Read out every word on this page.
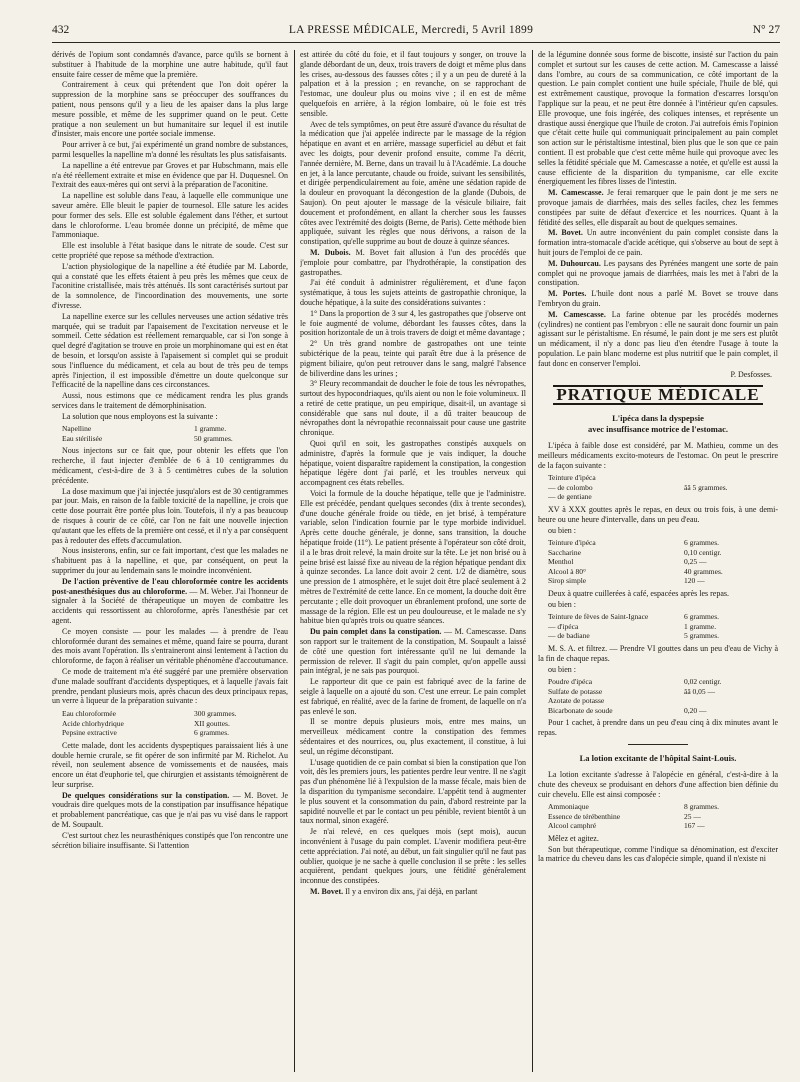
432	LA PRESSE MÉDICALE, Mercredi, 5 Avril 1899	N° 27

dérivés de l'opium sont condamnés d'avance, parce qu'ils se bornent à substituer à l'habitude de la morphine une autre habitude, qu'il faut ensuite faire cesser de même que la première.

Contrairement à ceux qui prétendent que l'on doit opérer la suppression de la morphine sans se préoccuper des souffrances du patient, nous pensons qu'il y a lieu de les apaiser dans la plus large mesure possible, et même de les supprimer quand on le peut. Cette pratique a non seulement un but humanitaire sur lequel il est inutile d'insister, mais encore une portée sociale immense.

Pour arriver à ce but, j'ai expérimenté un grand nombre de substances, parmi lesquelles la napelline m'a donné les résultats les plus satisfaisants.

La napelline a été entrevue par Groves et par Hubschmann, mais elle n'a été réellement extraite et mise en évidence que par H. Duquesnel. On l'extrait des eaux-mères qui ont servi à la préparation de l'aconitine.

La napelline est soluble dans l'eau, à laquelle elle communique une saveur amère. Elle bleuit le papier de tournesol. Elle sature les acides pour former des sels. Elle est soluble également dans l'éther, et surtout dans le chloroforme. L'eau bromée donne un précipité, de même que l'ammoniaque.

Elle est insoluble à l'état basique dans le nitrate de soude. C'est sur cette propriété que repose sa méthode d'extraction.

L'action physiologique de la napelline a été étudiée par M. Laborde, qui a constaté que les effets étaient à peu près les mêmes que ceux de l'aconitine cristallisée, mais très atténués. Ils sont caractérisés surtout par de la somnolence, de l'incoordination des mouvements, une sorte d'ivresse.

La napelline exerce sur les cellules nerveuses une action sédative très marquée, qui se traduit par l'apaisement de l'excitation nerveuse et le sommeil. Cette sédation est réellement remarquable, car si l'on songe à quel degré d'agitation se trouve en proie un morphinomane qui est en état de besoin, et lorsqu'on assiste à l'apaisement si complet qui se produit sous l'influence du médicament, et cela au bout de très peu de temps après l'injection, il est impossible d'émettre un doute quelconque sur l'efficacité de la napelline dans ces circonstances.

Aussi, nous estimons que ce médicament rendra les plus grands services dans le traitement de démorphinisation.

La solution que nous employons est la suivante :

Napelline	1 gramme.
Eau stérilisée	50 grammes.

Nous injectons sur ce fait que, pour obtenir les effets que l'on recherche, il faut injecter d'emblée de 6 à 10 centigrammes du médicament, c'est-à-dire de 3 à 5 centimètres cubes de la solution précédente.

La dose maximum que j'ai injectée jusqu'alors est de 30 centigrammes par jour. Mais, en raison de la faible toxicité de la napelline, je crois que cette dose pourrait être portée plus loin. Toutefois, il n'y a pas beaucoup de risques à courir de ce côté, car l'on ne fait une nouvelle injection qu'autant que les effets de la première ont cessé, et il n'y a par conséquent pas à redouter des effets d'accumulation.

Nous insisterons, enfin, sur ce fait important, c'est que les malades ne s'habituent pas à la napelline, et que, par conséquent, on peut la supprimer du jour au lendemain sans le moindre inconvénient.

De l'action préventive de l'eau chloroformée contre les accidents post-anesthésiques dus au chloroforme. — M. Weber. J'ai l'honneur de signaler à la Société de thérapeutique un moyen de combattre les accidents qui ressortissent au chloroforme, après l'anesthésie par cet agent.

Ce moyen consiste — pour les malades — à prendre de l'eau chloroformée durant des semaines et même, quand faire se pourra, durant des mois avant l'opération. Ils s'entraineront ainsi lentement à l'action du chloroforme, de façon à réaliser un véritable phénomène d'accoutumance.

Ce mode de traitement m'a été suggéré par une première observation d'une malade souffrant d'accidents dyspeptiques, et à laquelle j'avais fait prendre, pendant plusieurs mois, après chacun des deux principaux repas, un verre à liqueur de la préparation suivante :

Eau chloroformée	300 grammes.
Acide chlorhydrique	XII gouttes.
Pepsine extractive	6 grammes.

Cette malade, dont les accidents dyspeptiques paraissaient liés à une double hernie crurale, se fit opérer de son infirmité par M. Richelot. Au réveil, non seulement absence de vomissements et de nausées, mais encore un état d'euphorie tel, que chirurgien et assistants témoignèrent de leur surprise.

De quelques considérations sur la constipation. — M. Bovet. Je voudrais dire quelques mots de la constipation par insuffisance hépatique et probablement pancréatique, cas que je n'ai pas vu visé dans le rapport de M. Soupault.

C'est surtout chez les neurasthéniques constipés que l'on rencontre une sécrétion biliaire insuffisante. Si l'attention

est attirée du côté du foie, et il faut toujours y songer, on trouve la glande débordant de un, deux, trois travers de doigt et même plus dans les crises, au-dessous des fausses côtes ; il y a un peu de dureté à la palpation et à la pression ; en revanche, on se rapprochant de l'estomac, une douleur plus ou moins vive ; il en est de même quelquefois en arrière, à la région lombaire, où le foie est très sensible.

Avec de tels symptômes, on peut être assuré d'avance du résultat de la médication que j'ai appelée indirecte par le massage de la région hépatique en avant et en arrière, massage superficiel au début et fait avec les doigts, pour devenir profond ensuite, comme l'a décrit, l'année dernière, M. Berne, dans un travail lu à l'Académie. La douche en jet, à la lance percutante, chaude ou froide, suivant les sensibilités, et dirigée perpendiculairement au foie, amène une sédation rapide de la douleur en provoquant la décongestion de la glande (Dubois, de Saujon). On peut ajouter le massage de la vésicule biliaire, fait doucement et profondément, en allant la chercher sous les fausses côtes avec l'extrémité des doigts (Berne, de Paris). Cette méthode bien appliquée, suivant les règles que nous dérivons, a raison de la constipation, qu'elle supprime au bout de douze à quinze séances.

M. Dubois. M. Bovet fait allusion à l'un des procédés que j'emploie pour combattre, par l'hydrothérapie, la constipation des gastropathes.

J'ai été conduit à administrer régulièrement, et d'une façon systématique, à tous les sujets atteints de gastropathie chronique, la douche hépatique, à la suite des considérations suivantes :

1° Dans la proportion de 3 sur 4, les gastropathes que j'observe ont le foie augmenté de volume, débordant les fausses côtes, dans la position horizontale de un à trois travers de doigt et même davantage ;

2° Un très grand nombre de gastropathes ont une teinte subictérique de la peau, teinte qui paraît être due à la présence de pigment biliaire, qu'on peut retrouver dans le sang, malgré l'absence de biliverdine dans les urines ;

3° Fleury recommandait de doucher le foie de tous les névropathes, surtout des hypocondriaques, qu'ils aient ou non le foie volumineux. Il a retiré de cette pratique, un peu empirique, disait-il, un avantage si considérable que sans nul doute, il a dû traiter beaucoup de névropathes dont la névropathie reconnaissait pour cause une gastrite chronique.

Quoi qu'il en soit, les gastropathes constipés auxquels on administre, d'après la formule que je vais indiquer, la douche hépatique, voient disparaître rapidement la constipation, la congestion hépatique légère dont j'ai parlé, et les troubles nerveux qui accompagnent ces états rebelles.

Voici la formule de la douche hépatique, telle que je l'administre. Elle est précédée, pendant quelques secondes (dix à trente secondes), d'une douche générale froide ou tiède, en jet brisé, à température variable, selon l'indication fournie par le type morbide individuel. Après cette douche générale, je donne, sans transition, la douche hépatique froide (11°). Le patient présente à l'opérateur son côté droit, il a le bras droit relevé, la main droite sur la tête. Le jet non brisé ou à peine brisé est laissé fixe au niveau de la région hépatique pendant dix à quinze secondes. La lance doit avoir 2 cent. 1/2 de diamètre, sous une pression de 1 atmosphère, et le sujet doit être placé seulement à 2 mètres de l'extrémité de cette lance. En ce moment, la douche doit être percutante ; elle doit provoquer un ébranlement profond, une sorte de massage de la région. Elle est un peu douloureuse, et le malade ne s'y habitue bien qu'après trois ou quatre séances.

Du pain complet dans la constipation. — M. Camescasse. Dans son rapport sur le traitement de la constipation, M. Soupault a laissé de côté une question fort intéressante qu'il ne lui demande la permission de relever. Il s'agit du pain complet, qu'on appelle aussi pain intégral, je ne sais pas pourquoi.

Le rapporteur dit que ce pain est fabriqué avec de la farine de seigle à laquelle on a ajouté du son. C'est une erreur. Le pain complet est fabriqué, en réalité, avec de la farine de froment, de laquelle on n'a pas enlevé le son.

Il se montre depuis plusieurs mois, entre mes mains, un merveilleux médicament contre la constipation des femmes sédentaires et des nourrices, ou, plus exactement, il constitue, à lui seul, un régime déconstipant.

L'usage quotidien de ce pain combat si bien la constipation que l'on voit, dès les premiers jours, les patientes perdre leur ventre. Il ne s'agit pas d'un phénomène lié à l'expulsion de la masse fécale, mais bien de la disparition du tympanisme secondaire. L'appétit tend à augmenter le plus souvent et la consommation du pain, d'abord restreinte par la sapidité nouvelle et par le contact un peu pénible, revient bientôt à un taux normal, sinon exagéré.

Je n'ai relevé, en ces quelques mois (sept mois), aucun inconvénient à l'usage du pain complet. L'avenir modifiera peut-être cette appréciation. J'ai noté, au début, un fait singulier qu'il ne faut pas oublier, quoique je ne sache à quelle conclusion il se prête : les selles acquièrent, pendant quelques jours, une fétidité généralement inconnue des constipées.

M. Bovet. Il y a environ dix ans, j'ai déjà, en parlant

de la légumine donnée sous forme de biscotte, insisté sur l'action du pain complet et surtout sur les causes de cette action. M. Camescasse a laissé dans l'ombre, au cours de sa communication, ce côté important de la question. Le pain complet contient une huile spéciale, l'huile de blé, qui est extrêmement caustique, provoque la formation d'escarres lorsqu'on l'applique sur la peau, et ne peut être donnée à l'intérieur qu'en capsules. Elle provoque, une fois ingérée, des coliques intenses, et représente un drastique aussi énergique que l'huile de croton. J'ai autrefois émis l'opinion que c'était cette huile qui communiquait principalement au pain complet son action sur le péristaltisme intestinal, bien plus que le son que ce pain contient. Il est probable que c'est cette même huile qui provoque avec les selles la fétidité spéciale que M. Camescasse a notée, et qu'elle est aussi la cause efficiente de la disparition du tympanisme, car elle excite énergiquement les fibres lisses de l'intestin.

M. Camescasse. Je ferai remarquer que le pain dont je me sers ne provoque jamais de diarrhées, mais des selles faciles, chez les femmes constipées par suite de défaut d'exercice et les nourrices. Quant à la fétidité des selles, elle disparaît au bout de quelques semaines.

M. Bovet. Un autre inconvénient du pain complet consiste dans la formation intra-stomacale d'acide acétique, qui s'observe au bout de sept à huit jours de l'emploi de ce pain.

M. Duhourcau. Les paysans des Pyrénées mangent une sorte de pain complet qui ne provoque jamais de diarrhées, mais les met à l'abri de la constipation.

M. Portes. L'huile dont nous a parlé M. Bovet se trouve dans l'embryon du grain.

M. Camescasse. La farine obtenue par les procédés modernes (cylindres) ne contient pas l'embryon : elle ne saurait donc fournir un pain agissant sur le péristaltisme. En résumé, le pain dont je me sers est plutôt un médicament, il n'y a donc pas lieu d'en étendre l'usage à toute la population. Le pain blanc moderne est plus nutritif que le pain complet, il faut donc en conserver l'emploi.

P. Desfosses.
PRATIQUE MÉDICALE
L'ipéca dans la dyspepsie
avec insuffisance motrice de l'estomac.

L'ipéca à faible dose est considéré, par M. Mathieu, comme un des meilleurs médicaments excito-moteurs de l'estomac. On peut le prescrire de la façon suivante :

Teinture d'ipéca
— de colombo	ââ 5 grammes.
— de gentiane

XV à XXX gouttes après le repas, en deux ou trois fois, à une demi-heure ou une heure d'intervalle, dans un peu d'eau.

ou bien :

Teinture d'ipéca	6 grammes.
Saccharine	0,10 centigr.
Menthol	0,25 —
Alcool à 80°	40 grammes.
Sirop simple	120 —

Deux à quatre cuillerées à café, espacées après les repas.

ou bien :

Teinture de fèves de Saint-Ignace	6 grammes.
— d'ipéca	1 gramme.
— de badiane	5 grammes.

M. S. A. et filtrez. — Prendre VI gouttes dans un peu d'eau de Vichy à la fin de chaque repas.

ou bien :

Poudre d'ipéca	0,02 centigr.
Sulfate de potasse	ââ 0,05 —
Azotate de potasse
Bicarbonate de soude	0,20 —

Pour 1 cachet, à prendre dans un peu d'eau cinq à dix minutes avant le repas.

La lotion excitante de l'hôpital Saint-Louis.

La lotion excitante s'adresse à l'alopécie en général, c'est-à-dire à la chute des cheveux se produisant en dehors d'une affection bien définie du cuir chevelu. Elle est ainsi composée :

Ammoniaque	8 grammes.
Essence de térébenthine	25 —
Alcool camphré	167 —

Mêlez et agitez.

Son but thérapeutique, comme l'indique sa dénomination, est d'exciter la matrice du cheveu dans les cas d'alopécie simple, quand il n'existe ni
